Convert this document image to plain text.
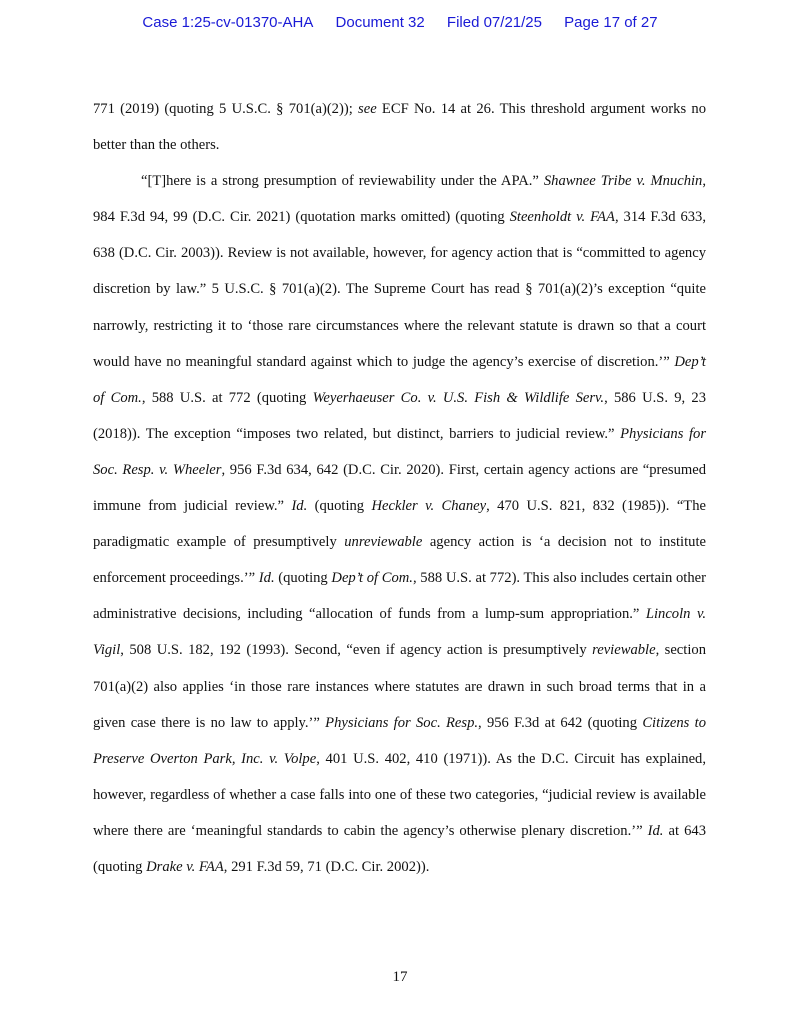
Case 1:25-cv-01370-AHA Document 32 Filed 07/21/25 Page 17 of 27

771 (2019) (quoting 5 U.S.C. § 701(a)(2)); see ECF No. 14 at 26. This threshold argument works no better than the others.

“[T]here is a strong presumption of reviewability under the APA.” Shawnee Tribe v. Mnuchin, 984 F.3d 94, 99 (D.C. Cir. 2021) (quotation marks omitted) (quoting Steenholdt v. FAA, 314 F.3d 633, 638 (D.C. Cir. 2003)). Review is not available, however, for agency action that is “committed to agency discretion by law.” 5 U.S.C. § 701(a)(2). The Supreme Court has read § 701(a)(2)’s exception “quite narrowly, restricting it to ‘those rare circumstances where the relevant statute is drawn so that a court would have no meaningful standard against which to judge the agency’s exercise of discretion.’” Dep’t of Com., 588 U.S. at 772 (quoting Weyerhaeuser Co. v. U.S. Fish & Wildlife Serv., 586 U.S. 9, 23 (2018)). The exception “imposes two related, but distinct, barriers to judicial review.” Physicians for Soc. Resp. v. Wheeler, 956 F.3d 634, 642 (D.C. Cir. 2020). First, certain agency actions are “presumed immune from judicial review.” Id. (quoting Heckler v. Chaney, 470 U.S. 821, 832 (1985)). “The paradigmatic example of presumptively unreviewable agency action is ‘a decision not to institute enforcement proceedings.’” Id. (quoting Dep’t of Com., 588 U.S. at 772). This also includes certain other administrative decisions, including “allocation of funds from a lump-sum appropriation.” Lincoln v. Vigil, 508 U.S. 182, 192 (1993). Second, “even if agency action is presumptively reviewable, section 701(a)(2) also applies ‘in those rare instances where statutes are drawn in such broad terms that in a given case there is no law to apply.’” Physicians for Soc. Resp., 956 F.3d at 642 (quoting Citizens to Preserve Overton Park, Inc. v. Volpe, 401 U.S. 402, 410 (1971)). As the D.C. Circuit has explained, however, regardless of whether a case falls into one of these two categories, “judicial review is available where there are ‘meaningful standards to cabin the agency’s otherwise plenary discretion.’” Id. at 643 (quoting Drake v. FAA, 291 F.3d 59, 71 (D.C. Cir. 2002)).

17
